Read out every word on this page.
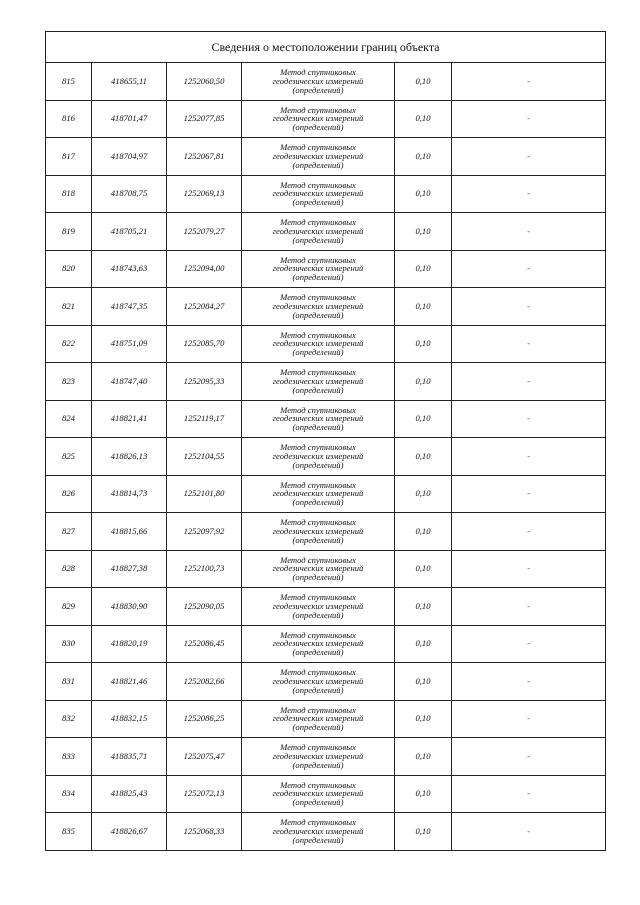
Сведения о местоположении границ объекта					
815	418655,11	1252060,50	Метод спутниковых
геодезических измерений
(определений)	0,10	-
816	418701,47	1252077,85	Метод спутниковых
геодезических измерений
(определений)	0,10	-
817	418704,97	1252067,81	Метод спутниковых
геодезических измерений
(определений)	0,10	-
818	418708,75	1252069,13	Метод спутниковых
геодезических измерений
(определений)	0,10	-
819	418705,21	1252079,27	Метод спутниковых
геодезических измерений
(определений)	0,10	-
820	418743,63	1252094,00	Метод спутниковых
геодезических измерений
(определений)	0,10	-
821	418747,35	1252084,27	Метод спутниковых
геодезических измерений
(определений)	0,10	-
822	418751,09	1252085,70	Метод спутниковых
геодезических измерений
(определений)	0,10	-
823	418747,40	1252095,33	Метод спутниковых
геодезических измерений
(определений)	0,10	-
824	418821,41	1252119,17	Метод спутниковых
геодезических измерений
(определений)	0,10	-
825	418826,13	1252104,55	Метод спутниковых
геодезических измерений
(определений)	0,10	-
826	418814,73	1252101,80	Метод спутниковых
геодезических измерений
(определений)	0,10	-
827	418815,66	1252097,92	Метод спутниковых
геодезических измерений
(определений)	0,10	-
828	418827,38	1252100,73	Метод спутниковых
геодезических измерений
(определений)	0,10	-
829	418830,90	1252090,05	Метод спутниковых
геодезических измерений
(определений)	0,10	-
830	418820,19	1252086,45	Метод спутниковых
геодезических измерений
(определений)	0,10	-
831	418821,46	1252082,66	Метод спутниковых
геодезических измерений
(определений)	0,10	-
832	418832,15	1252086,25	Метод спутниковых
геодезических измерений
(определений)	0,10	-
833	418835,71	1252075,47	Метод спутниковых
геодезических измерений
(определений)	0,10	-
834	418825,43	1252072,13	Метод спутниковых
геодезических измерений
(определений)	0,10	-
835	418826,67	1252068,33	Метод спутниковых
геодезических измерений
(определений)	0,10	-
